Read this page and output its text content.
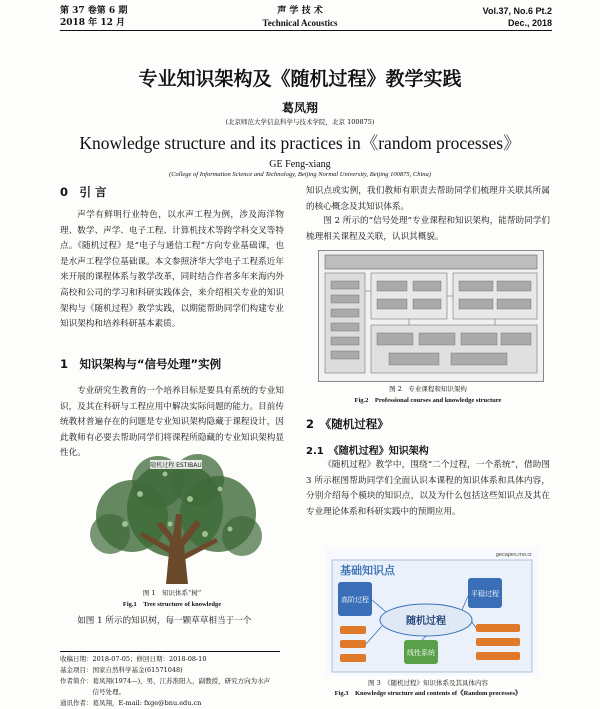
第 37 卷第 6 期
2018 年 12 月
声 学 技 术
Technical Acoustics
Vol.37, No.6 Pt.2
Dec., 2018
专业知识架构及《随机过程》教学实践
葛凤翔
(北京师范大学信息科学与技术学院，北京 100875)
Knowledge structure and its practices in《random processes》
GE Feng-xiang
(College of Information Science and Technology, Beijing Normal University, Beijing 100875, China)
0　引 言

声学有鲜明行业特色，以水声工程为例，涉及海洋物理、数学、声学、电子工程、计算机技术等跨学科交叉等特点。《随机过程》是“电子与通信工程”方向专业基础课，也是水声工程学位基础课。本文参照济华大学电子工程系近年来开展的课程体系与教学改革，同时结合作者多年来海内外高校和公司的学习和科研实践体会，来介绍相关专业的知识架构与《随机过程》教学实践，以期能帮助同学们构建专业知识架构和培养科研基本素质。

1　知识架构与“信号处理”实例

专业研究生教育的一个培养目标是要具有系统的专业知识，及其在科研与工程应用中解决实际问题的能力。目前传统教材普遍存在的问题是专业知识架构隐藏于课程设计，因此教师有必要去帮助同学们将课程所隐藏的专业知识架构显性化。

随机过程 ESTIBAU
图 1　知识体系“树”
Fig.1　Tree structure of knowledge

如图 1 所示的知识树，每一颗草草相当于一个

收稿日期：2018-07-05；修回日期：2018-08-10
基金项目：国家自然科学基金(61571048)
作者简介：葛凤翔(1974—)，男，江苏淮阳人，副教授，研究方向为水声
　　　　　信号处理。
通讯作者：葛凤翔，E-mail: fxge@bnu.edu.cn

知识点或实例，我们教师有职责去帮助同学们梳理并关联其所属的核心概念及其知识体系。

图 2 所示的“信号处理”专业课程和知识架构，能帮助同学们梳理相关课程及关联，认识其概貌。

图 2　专业课程和知识架构
Fig.2　Professional courses and knowledge structure
2　《随机过程》
2.1　《随机过程》知识架构

《随机过程》教学中，围绕“二个过程，一个系统”，借助图 3 所示框图帮助同学们全面认识本课程的知识体系和具体内容，分别介绍每个模块的知识点，以及为什么包括这些知识点及其在专业理论体系和科研实践中的预期应用。

gecapes.mo.cr
基础知识点
高阶过程
平稳过程
随机过程
线性系统
图 3　《随机过程》知识体系及其具体内容
Fig.3　Knowledge structure and contents of《Random processes》
